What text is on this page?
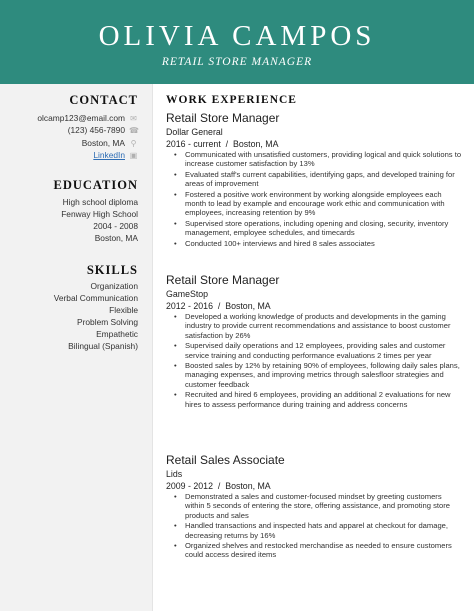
OLIVIA CAMPOS
RETAIL STORE MANAGER
CONTACT
olcamp123@email.com ✉
(123) 456-7890 ☎
Boston, MA ⚲
LinkedIn ▣
EDUCATION
High school diploma
Fenway High School
2004 - 2008
Boston, MA
SKILLS
Organization
Verbal Communication
Flexible
Problem Solving
Empathetic
Bilingual (Spanish)
WORK EXPERIENCE
Retail Store Manager
Dollar General
2016 - current  /  Boston, MA
• Communicated with unsatisfied customers, providing logical and quick solutions to increase customer satisfaction by 13%
• Evaluated staff's current capabilities, identifying gaps, and developed training for areas of improvement
• Fostered a positive work environment by working alongside employees each month to lead by example and encourage work ethic and communication with employees, increasing retention by 9%
• Supervised store operations, including opening and closing, security, inventory management, employee schedules, and timecards
• Conducted 100+ interviews and hired 8 sales associates
Retail Store Manager
GameStop
2012 - 2016  /  Boston, MA
• Developed a working knowledge of products and developments in the gaming industry to provide current recommendations and assistance to boost customer satisfaction by 26%
• Supervised daily operations and 12 employees, providing sales and customer service training and conducting performance evaluations 2 times per year
• Boosted sales by 12% by retaining 90% of employees, following daily sales plans, managing expenses, and improving metrics through salesfloor strategies and customer feedback
• Recruited and hired 6 employees, providing an additional 2 evaluations for new hires to assess performance during training and address concerns
Retail Sales Associate
Lids
2009 - 2012  /  Boston, MA
• Demonstrated a sales and customer-focused mindset by greeting customers within 5 seconds of entering the store, offering assistance, and promoting store products and sales
• Handled transactions and inspected hats and apparel at checkout for damage, decreasing returns by 16%
• Organized shelves and restocked merchandise as needed to ensure customers could access desired items
